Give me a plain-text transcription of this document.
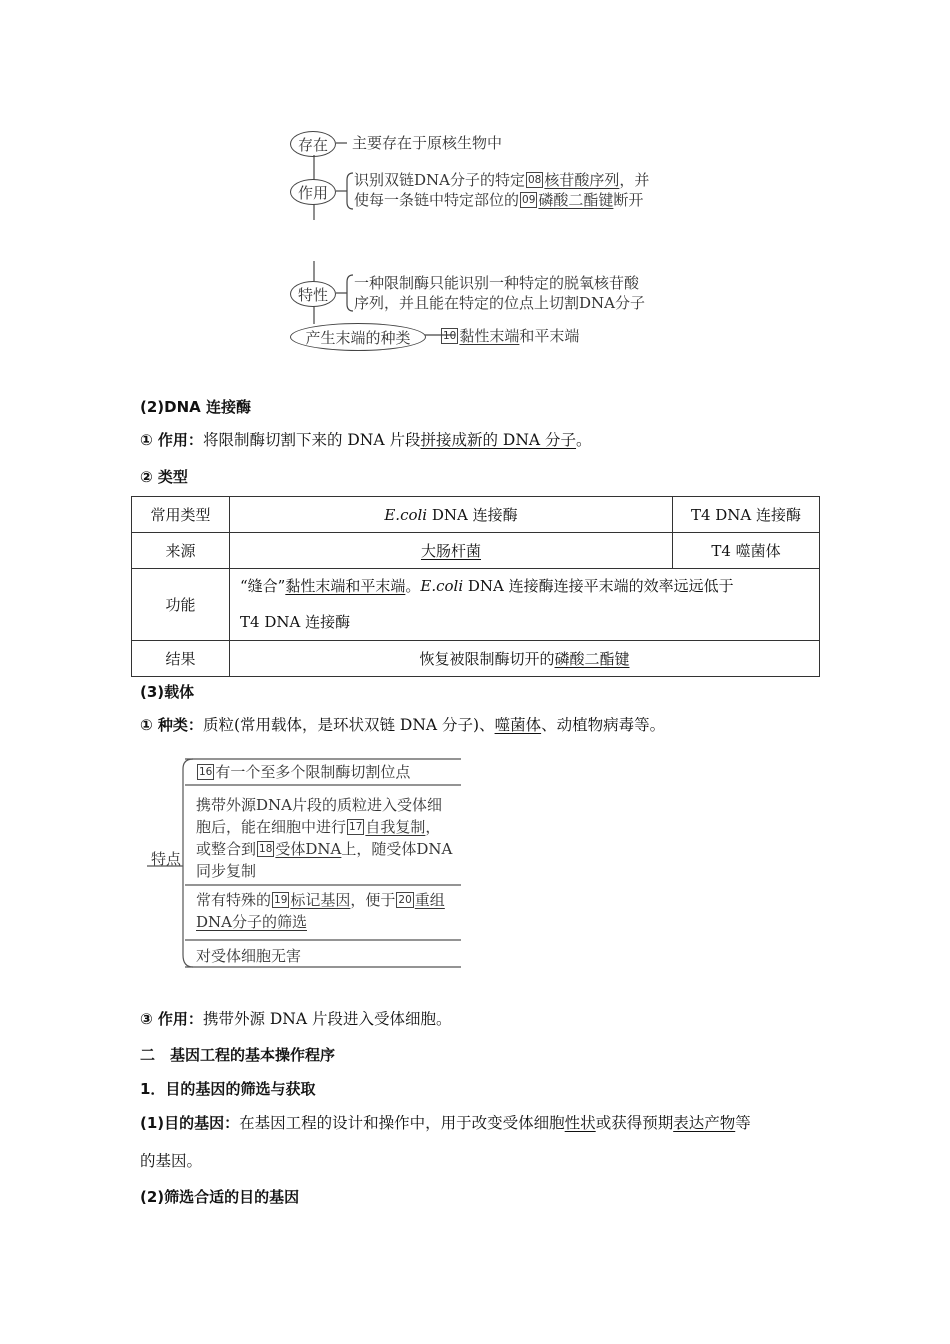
存在 主要存在于原核生物中
作用
识别双链DNA分子的特定 08 核苷酸序列，并
使每一条链中特定部位的 09 磷酸二酯键断开
特性
一种限制酶只能识别一种特定的脱氧核苷酸
序列，并且能在特定的位点上切割DNA分子
产生末端的种类	10 黏性末端和平末端
(2)DNA 连接酶
① 作用：将限制酶切割下来的 DNA 片段拼接成新的 DNA 分子。
② 类型
常用类型	E.coli DNA 连接酶	T4 DNA 连接酶
来源	大肠杆菌	T4 噬菌体
功能	“缝合”黏性末端和平末端。E.coli DNA 连接酶连接平末端的效率远远低于
T4 DNA 连接酶	

结果	恢复被限制酶切开的磷酸二酯键	
(3)载体
① 种类：质粒(常用载体，是环状双链 DNA 分子)、噬菌体、动植物病毒等。
特点
16 有一个至多个限制酶切割位点
携带外源DNA片段的质粒进入受体细
胞后，能在细胞中进行 17 自我复制，
或整合到 18 受体DNA上，随受体DNA
同步复制
常有特殊的 19 标记基因，便于 20 重组
DNA分子的筛选
对受体细胞无害
③ 作用：携带外源 DNA 片段进入受体细胞。
二　基因工程的基本操作程序
1．目的基因的筛选与获取
(1)目的基因：在基因工程的设计和操作中，用于改变受体细胞性状或获得预期表达产物等
的基因。
(2)筛选合适的目的基因
